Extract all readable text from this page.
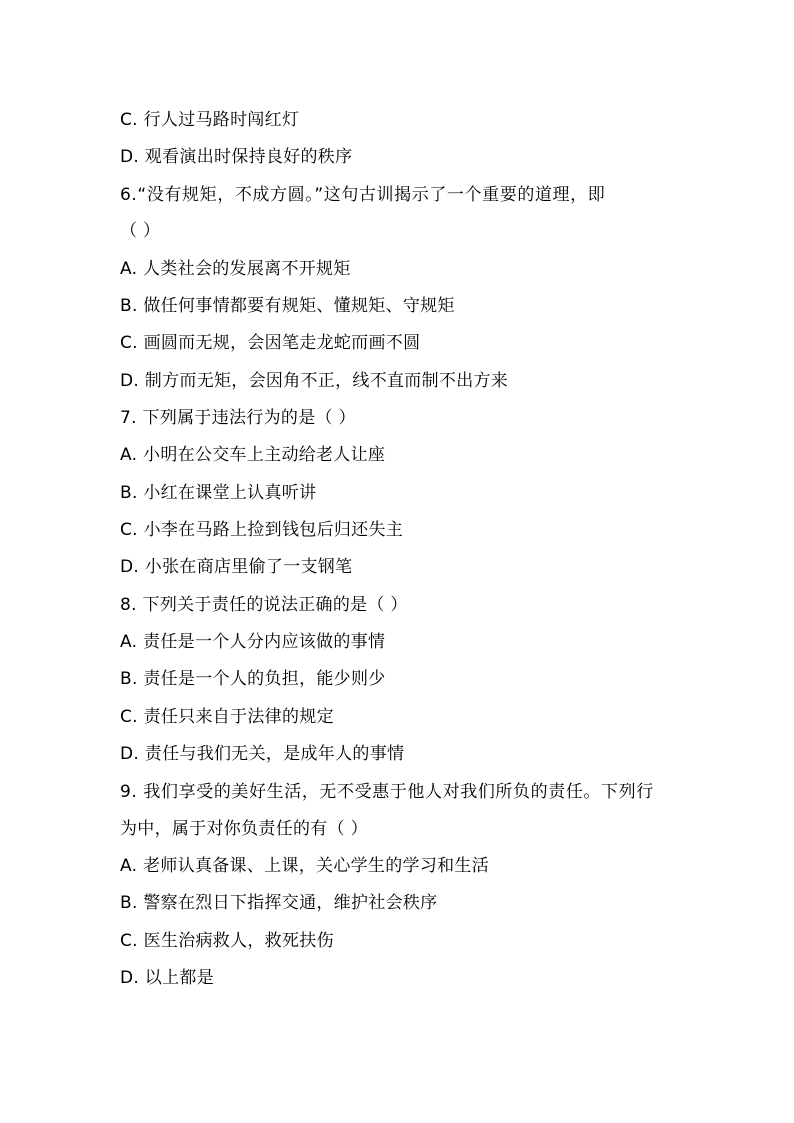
C. 行人过马路时闯红灯
D. 观看演出时保持良好的秩序
6.“没有规矩，不成方圆。”这句古训揭示了一个重要的道理，即
（ ）
A. 人类社会的发展离不开规矩
B. 做任何事情都要有规矩、懂规矩、守规矩
C. 画圆而无规，会因笔走龙蛇而画不圆
D. 制方而无矩，会因角不正，线不直而制不出方来
7. 下列属于违法行为的是（ ）
A. 小明在公交车上主动给老人让座
B. 小红在课堂上认真听讲
C. 小李在马路上捡到钱包后归还失主
D. 小张在商店里偷了一支钢笔
8. 下列关于责任的说法正确的是（ ）
A. 责任是一个人分内应该做的事情
B. 责任是一个人的负担，能少则少
C. 责任只来自于法律的规定
D. 责任与我们无关，是成年人的事情
9. 我们享受的美好生活，无不受惠于他人对我们所负的责任。下列行
为中，属于对你负责任的有（ ）
A. 老师认真备课、上课，关心学生的学习和生活
B. 警察在烈日下指挥交通，维护社会秩序
C. 医生治病救人，救死扶伤
D. 以上都是
